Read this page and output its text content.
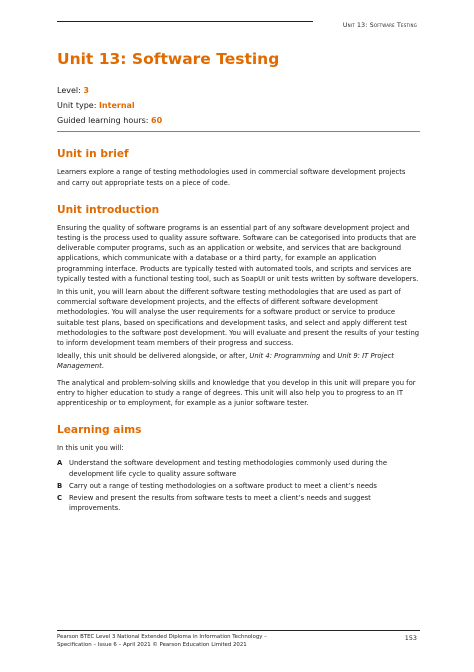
Unit 13: Software Testing
Unit 13: Software Testing
Level: 3
Unit type: Internal
Guided learning hours: 60
Unit in brief

Learners explore a range of testing methodologies used in commercial software development projects and carry out appropriate tests on a piece of code.

Unit introduction

Ensuring the quality of software programs is an essential part of any software development project and testing is the process used to quality assure software. Software can be categorised into products that are deliverable computer programs, such as an application or website, and services that are background applications, which communicate with a database or a third party, for example an application programming interface. Products are typically tested with automated tools, and scripts and services are typically tested with a functional testing tool, such as SoapUI or unit tests written by software developers.

In this unit, you will learn about the different software testing methodologies that are used as part of commercial software development projects, and the effects of different software development methodologies. You will analyse the user requirements for a software product or service to produce suitable test plans, based on specifications and development tasks, and select and apply different test methodologies to the software post development. You will evaluate and present the results of your testing to inform development team members of their progress and success.

Ideally, this unit should be delivered alongside, or after, Unit 4: Programming and Unit 9: IT Project Management.

The analytical and problem-solving skills and knowledge that you develop in this unit will prepare you for entry to higher education to study a range of degrees. This unit will also help you to progress to an IT apprenticeship or to employment, for example as a junior software tester.

Learning aims

In this unit you will:

A Understand the software development and testing methodologies commonly used during the development life cycle to quality assure software
B Carry out a range of testing methodologies on a software product to meet a client’s needs
C Review and present the results from software tests to meet a client’s needs and suggest improvements.
Pearson BTEC Level 3 National Extended Diploma in Information Technology –
Specification – Issue 6 – April 2021 © Pearson Education Limited 2021
153
